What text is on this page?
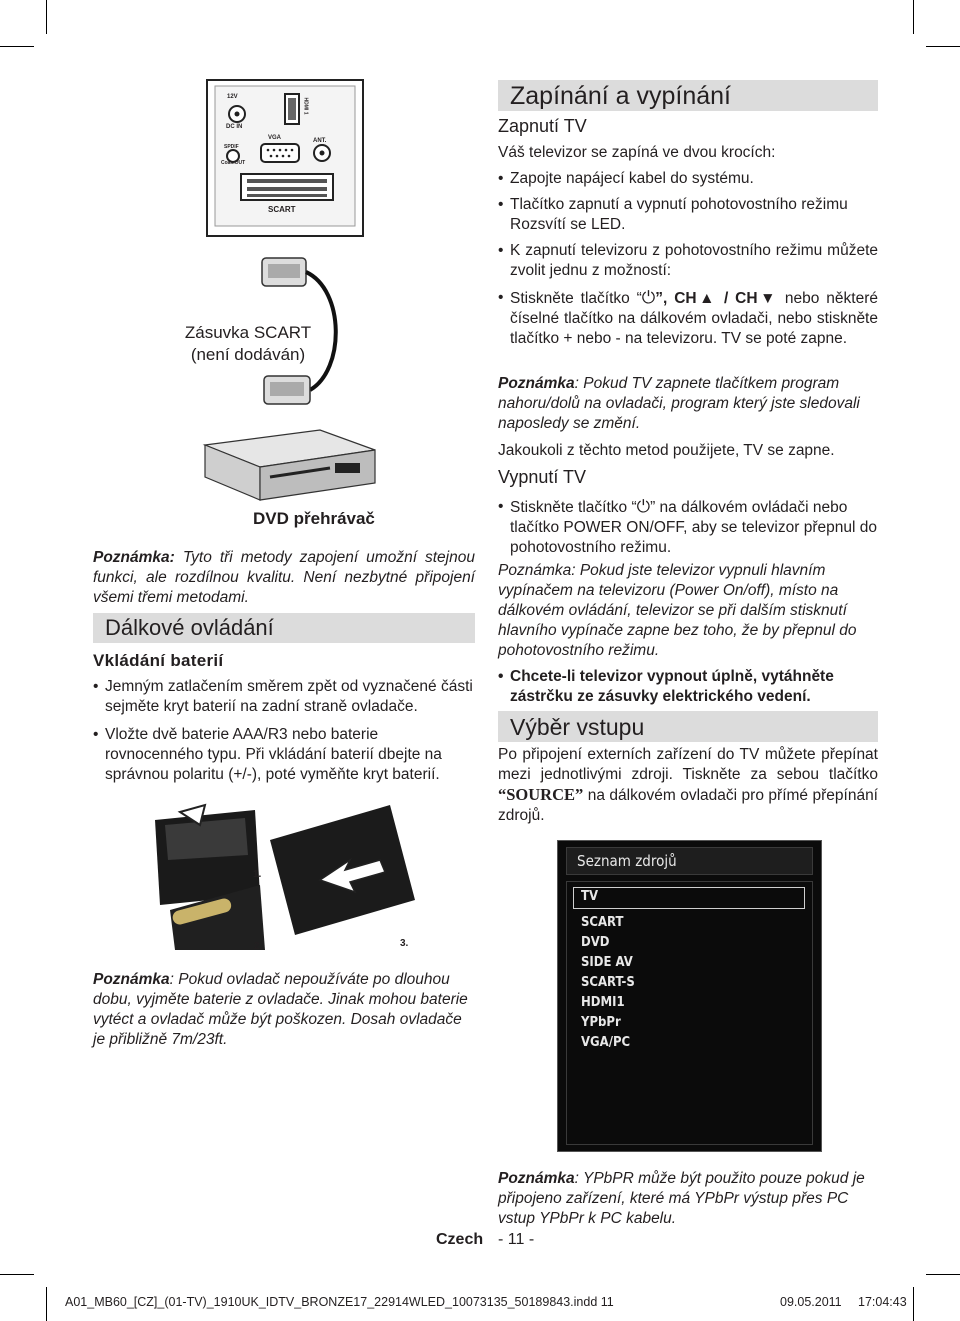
12V
DC IN
SPDIF
Coax.OUT
VGA
HDMI 1
ANT.
SCART
Zásuvka SCART
(není dodáván)
DVD přehrávač
Poznámka: Tyto tři metody zapojení umožní stejnou funkci, ale rozdílnou kvalitu. Není nezbytné připojení všemi třemi metodami.
Dálkové ovládání
Vkládání baterií
• Jemným zatlačením směrem zpět od vyznačené části sejměte kryt baterií na zadní straně ovladače.
• Vložte dvě baterie AAA/R3 nebo baterie rovnocenného typu. Při vkládání baterií dbejte na správnou polaritu (+/-), poté vyměňte kryt baterií.
1.
2.	3.
Poznámka: Pokud ovladač nepoužíváte po dlouhou dobu, vyjměte baterie z ovladače. Jinak mohou baterie vytéct a ovladač může být poškozen. Dosah ovladače je přibližně 7m/23ft.
Zapínání a vypínání
Zapnutí TV
Váš televizor se zapíná ve dvou krocích:
• Zapojte napájecí kabel do systému.
• Tlačítko zapnutí a vypnutí pohotovostního režimu Rozsvítí se LED.
• K zapnutí televizoru z pohotovostního režimu můžete zvolit jednu z možností:
• Stiskněte tlačítko “⏻”, CH▲ / CH▼ nebo některé číselné tlačítko na dálkovém ovladači, nebo stiskněte tlačítko + nebo - na televizoru. TV se poté zapne.
Poznámka: Pokud TV zapnete tlačítkem program nahoru/dolů na ovladači, program který jste sledovali naposledy se změní.
Jakoukoli z těchto metod použijete, TV se zapne.
Vypnutí TV
• Stiskněte tlačítko “⏻” na dálkovém ovládači nebo tlačítko POWER ON/OFF, aby se televizor přepnul do pohotovostního režimu.
Poznámka: Pokud jste televizor vypnuli hlavním vypínačem na televizoru (Power On/off), místo na dálkovém ovládání, televizor se při dalším stisknutí hlavního vypínače zapne bez toho, že by přepnul do pohotovostního režimu.
• Chcete-li televizor vypnout úplně, vytáhněte zástrčku ze zásuvky elektrického vedení.
Výběr vstupu
Po připojení externích zařízení do TV můžete přepínat mezi jednotlivými zdroji. Tiskněte za sebou tlačítko “SOURCE” na dálkovém ovladači pro přímé přepínání zdrojů.
Seznam zdrojů
TV
SCART
DVD
SIDE AV
SCART-S
HDMI1
YPbPr
VGA/PC
Poznámka: YPbPR může být použito pouze pokud je připojeno zařízení, které má YPbPr výstup přes PC vstup YPbPr k PC kabelu.
Czech - 11 -
A01_MB60_[CZ]_(01-TV)_1910UK_IDTV_BRONZE17_22914WLED_10073135_50189843.indd 11	09.05.2011 17:04:43
